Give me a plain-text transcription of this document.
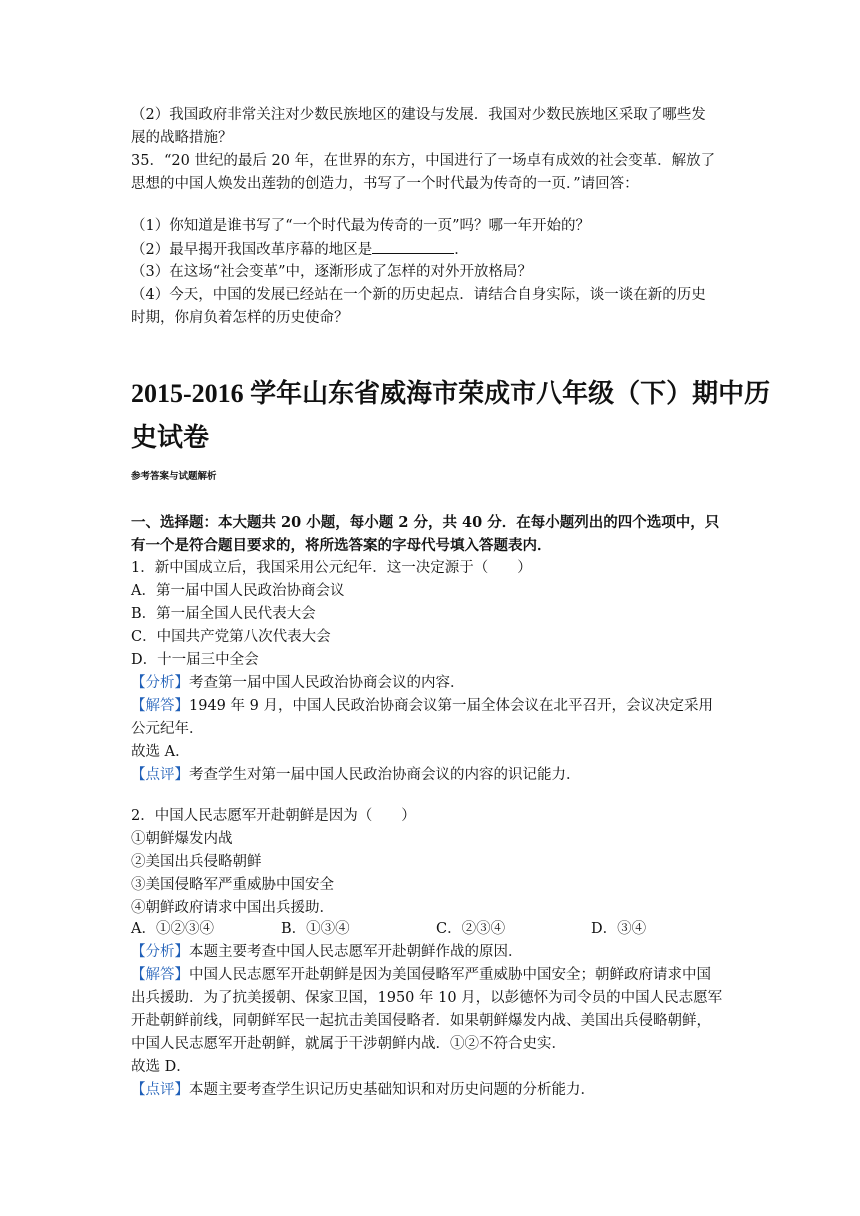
（2）我国政府非常关注对少数民族地区的建设与发展．我国对少数民族地区采取了哪些发
展的战略措施？
35．“20 世纪的最后 20 年，在世界的东方，中国进行了一场卓有成效的社会变革．解放了
思想的中国人焕发出莲勃的创造力，书写了一个时代最为传奇的一页．”请回答：
（1）你知道是谁书写了“一个时代最为传奇的一页”吗？哪一年开始的？
（2）最早揭开我国改革序幕的地区是	．
（3）在这场“社会变革”中，逐渐形成了怎样的对外开放格局？
（4）今天，中国的发展已经站在一个新的历史起点．请结合自身实际，谈一谈在新的历史
时期，你肩负着怎样的历史使命？
2015-2016 学年山东省威海市荣成市八年级（下）期中历
史试卷
参考答案与试题解析
一、选择题：本大题共 20 小题，每小题 2 分，共 40 分．在每小题列出的四个选项中，只
有一个是符合题目要求的，将所选答案的字母代号填入答题表内．
1．新中国成立后，我国采用公元纪年．这一决定源于（　　）
A．第一届中国人民政治协商会议
B．第一届全国人民代表大会
C．中国共产党第八次代表大会
D．十一届三中全会
【分析】考查第一届中国人民政治协商会议的内容．
【解答】1949 年 9 月，中国人民政治协商会议第一届全体会议在北平召开，会议决定采用
公元纪年．
故选 A．
【点评】考查学生对第一届中国人民政治协商会议的内容的识记能力．
2．中国人民志愿军开赴朝鲜是因为（　　）
①朝鲜爆发内战
②美国出兵侵略朝鲜
③美国侵略军严重威胁中国安全
④朝鲜政府请求中国出兵援助．
A．①②③④	B．①③④	C．②③④	D．③④
【分析】本题主要考查中国人民志愿军开赴朝鲜作战的原因．
【解答】中国人民志愿军开赴朝鲜是因为美国侵略军严重威胁中国安全；朝鲜政府请求中国
出兵援助．为了抗美援朝、保家卫国，1950 年 10 月，以彭德怀为司令员的中国人民志愿军
开赴朝鲜前线，同朝鲜军民一起抗击美国侵略者．如果朝鲜爆发内战、美国出兵侵略朝鲜，
中国人民志愿军开赴朝鲜，就属于干涉朝鲜内战．①②不符合史实．
故选 D．
【点评】本题主要考查学生识记历史基础知识和对历史问题的分析能力．
